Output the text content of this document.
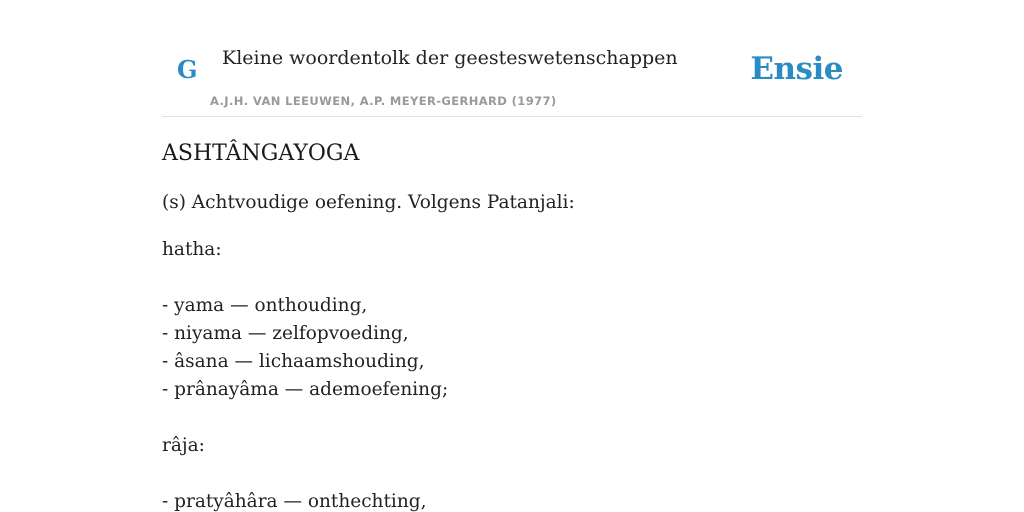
G Kleine woordentolk der geesteswetenschappen
A.J.H. VAN LEEUWEN, A.P. MEYER-GERHARD (1977)
Ensie
ASHTÂNGAYOGA

(s) Achtvoudige oefening. Volgens Patanjali:

hatha:
- yama — onthouding,
- niyama — zelfopvoeding,
- âsana — lichaamshouding,
- prânayâma — ademoefening;
râja:
- pratyâhâra — onthechting,
